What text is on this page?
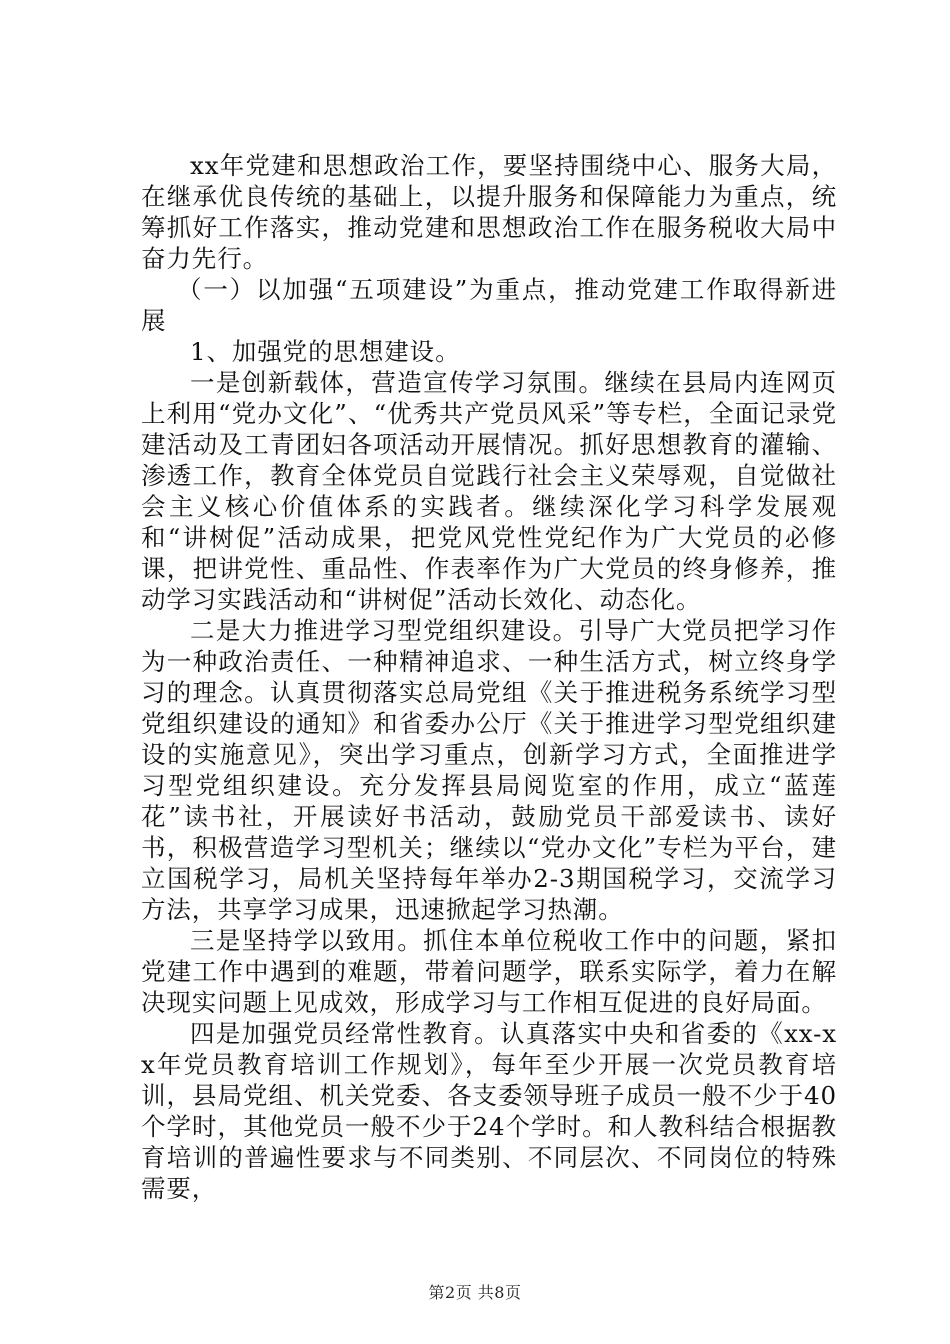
xx年党建和思想政治工作，要坚持围绕中心、服务大局，在继承优良传统的基础上，以提升服务和保障能力为重点，统筹抓好工作落实，推动党建和思想政治工作在服务税收大局中奋力先行。

（一）以加强“五项建设”为重点，推动党建工作取得新进展

1、加强党的思想建设。

一是创新载体，营造宣传学习氛围。继续在县局内连网页上利用“党办文化”、“优秀共产党员风采”等专栏，全面记录党建活动及工青团妇各项活动开展情况。抓好思想教育的灌输、渗透工作，教育全体党员自觉践行社会主义荣辱观，自觉做社会主义核心价值体系的实践者。继续深化学习科学发展观和“讲树促”活动成果，把党风党性党纪作为广大党员的必修课，把讲党性、重品性、作表率作为广大党员的终身修养，推动学习实践活动和“讲树促”活动长效化、动态化。

二是大力推进学习型党组织建设。引导广大党员把学习作为一种政治责任、一种精神追求、一种生活方式，树立终身学习的理念。认真贯彻落实总局党组《关于推进税务系统学习型党组织建设的通知》和省委办公厅《关于推进学习型党组织建设的实施意见》，突出学习重点，创新学习方式，全面推进学习型党组织建设。充分发挥县局阅览室的作用，成立“蓝莲花”读书社，开展读好书活动，鼓励党员干部爱读书、读好书，积极营造学习型机关；继续以“党办文化”专栏为平台，建立国税学习，局机关坚持每年举办2-3期国税学习，交流学习方法，共享学习成果，迅速掀起学习热潮。

三是坚持学以致用。抓住本单位税收工作中的问题，紧扣党建工作中遇到的难题，带着问题学，联系实际学，着力在解决现实问题上见成效，形成学习与工作相互促进的良好局面。

四是加强党员经常性教育。认真落实中央和省委的《xx-xx年党员教育培训工作规划》，每年至少开展一次党员教育培训，县局党组、机关党委、各支委领导班子成员一般不少于40个学时，其他党员一般不少于24个学时。和人教科结合根据教育培训的普遍性要求与不同类别、不同层次、不同岗位的特殊需要，

第2页 共8页
